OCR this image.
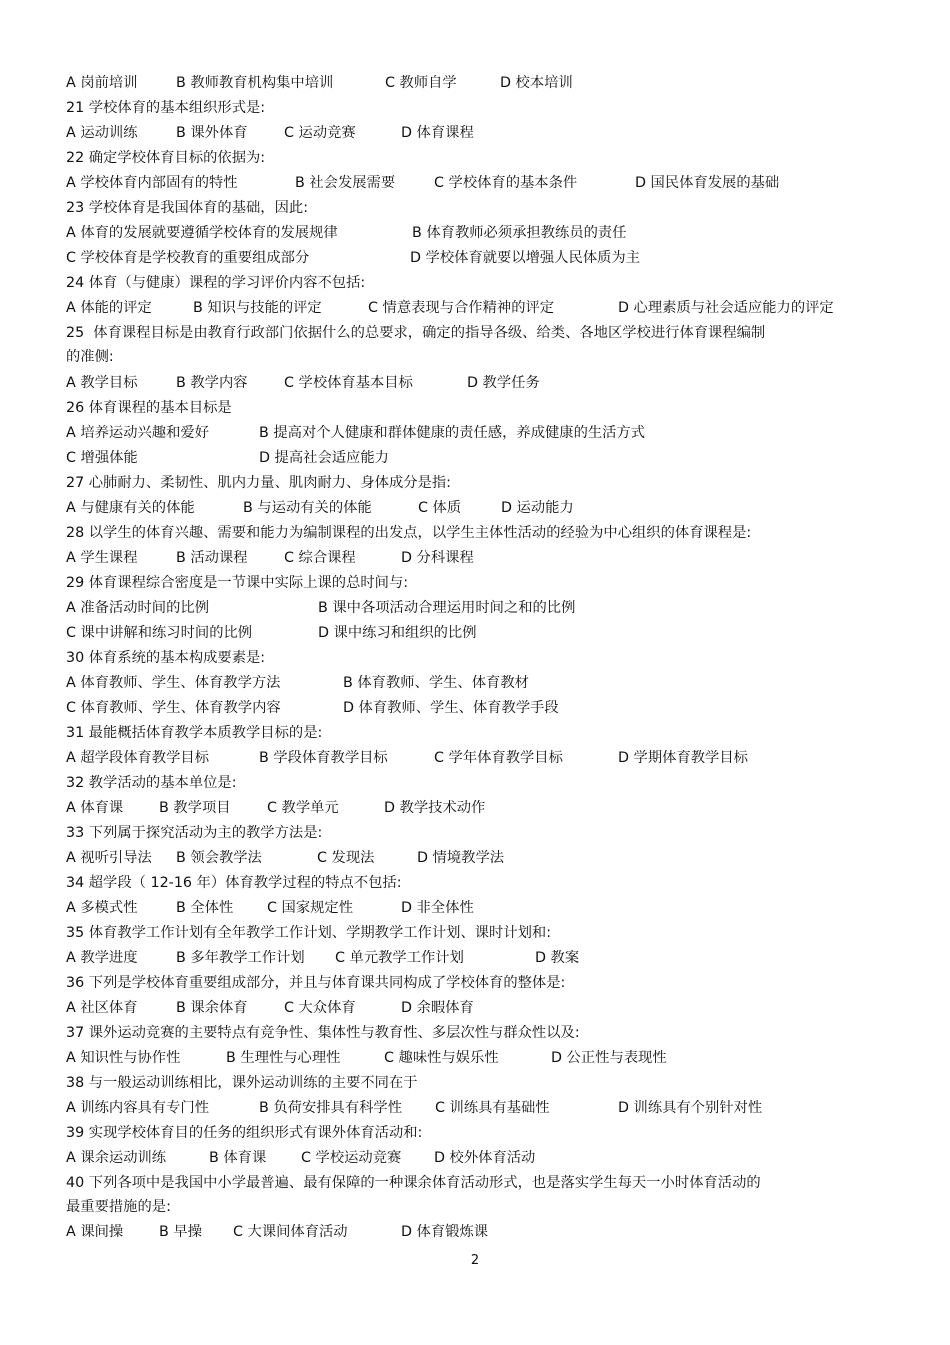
A 岗前培训	B 教师教育机构集中培训	C 教师自学	D 校本培训
21 学校体育的基本组织形式是:
A 运动训练	B 课外体育	C 运动竞赛	D 体育课程
22 确定学校体育目标的依据为:
A 学校体育内部固有的特性	B 社会发展需要	C 学校体育的基本条件	D 国民体育发展的基础
23 学校体育是我国体育的基础，因此:
A 体育的发展就要遵循学校体育的发展规律	B 体育教师必须承担教练员的责任
C 学校体育是学校教育的重要组成部分	D 学校体育就要以增强人民体质为主
24 体育（与健康）课程的学习评价内容不包括:
A 体能的评定	B 知识与技能的评定	C 情意表现与合作精神的评定	D 心理素质与社会适应能力的评定
25  体育课程目标是由教育行政部门依据什么的总要求，确定的指导各级、给类、各地区学校进行体育课程编制
的准侧:
A 教学目标	B 教学内容	C 学校体育基本目标	D 教学任务
26 体育课程的基本目标是
A 培养运动兴趣和爱好	B 提高对个人健康和群体健康的责任感，养成健康的生活方式
C 增强体能	D 提高社会适应能力
27 心肺耐力、柔韧性、肌内力量、肌肉耐力、身体成分是指:
A 与健康有关的体能	B 与运动有关的体能	C 体质	D 运动能力
28 以学生的体育兴趣、需要和能力为编制课程的出发点，以学生主体性活动的经验为中心组织的体育课程是:
A 学生课程	B 活动课程	C 综合课程	D 分科课程
29 体育课程综合密度是一节课中实际上课的总时间与:
A 准备活动时间的比例	B 课中各项活动合理运用时间之和的比例
C 课中讲解和练习时间的比例	D 课中练习和组织的比例
30 体育系统的基本构成要素是:
A 体育教师、学生、体育教学方法	B 体育教师、学生、体育教材
C 体育教师、学生、体育教学内容	D 体育教师、学生、体育教学手段
31 最能概括体育教学本质教学目标的是:
A 超学段体育教学目标	B 学段体育教学目标	C 学年体育教学目标	D 学期体育教学目标
32 教学活动的基本单位是:
A 体育课	B 教学项目	C 教学单元	D 教学技术动作
33 下列属于探究活动为主的教学方法是:
A 视听引导法 B 领会教学法	C 发现法	D 情境教学法
34 超学段（ 12-16 年）体育教学过程的特点不包括:
A 多模式性	B 全体性 C 国家规定性	D 非全体性
35 体育教学工作计划有全年教学工作计划、学期教学工作计划、课时计划和:
A 教学进度	B 多年教学工作计划 C 单元教学工作计划	D 教案
36 下列是学校体育重要组成部分，并且与体育课共同构成了学校体育的整体是:
A 社区体育	B 课余体育	C 大众体育	D 余暇体育
37 课外运动竞赛的主要特点有竞争性、集体性与教育性、多层次性与群众性以及:
A 知识性与协作性	B 生理性与心理性	C 趣味性与娱乐性	D 公正性与表现性
38 与一般运动训练相比，课外运动训练的主要不同在于
A 训练内容具有专门性	B 负荷安排具有科学性 C 训练具有基础性	D 训练具有个别针对性
39 实现学校体育目的任务的组织形式有课外体育活动和:
A 课余运动训练	B 体育课 C 学校运动竞赛 D 校外体育活动
40 下列各项中是我国中小学最普遍、最有保障的一种课余体育活动形式，也是落实学生每天一小时体育活动的
最重要措施的是:
A 课间操	B 早操 C 大课间体育活动	D 体育锻炼课
2
